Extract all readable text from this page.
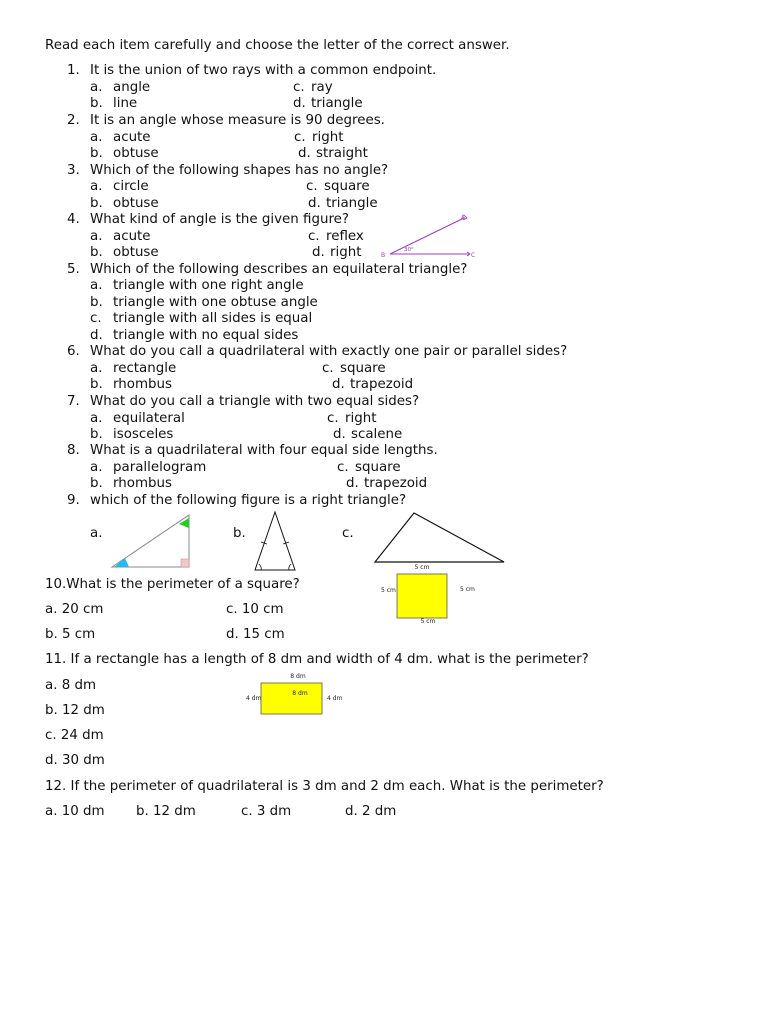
Read each item carefully and choose the letter of the correct answer.
1. It is the union of two rays with a common endpoint.
a. angle	c. ray
b. line	d. triangle
2. It is an angle whose measure is 90 degrees.
a. acute	c. right
b. obtuse	d. straight
3. Which of the following shapes has no angle?
a. circle	c. square
b. obtuse	d. triangle
4. What kind of angle is the given figure?
a. acute	c. reflex
b. obtuse	d. right	B
A
C
30°
5. Which of the following describes an equilateral triangle?
a. triangle with one right angle
b. triangle with one obtuse angle
c. triangle with all sides is equal
d. triangle with no equal sides
6. What do you call a quadrilateral with exactly one pair or parallel sides?
a. rectangle	c. square
b. rhombus	d. trapezoid
7. What do you call a triangle with two equal sides?
a. equilateral	c. right
b. isosceles	d. scalene
8. What is a quadrilateral with four equal side lengths.
a. parallelogram	c. square
b. rhombus	d. trapezoid
9. which of the following figure is a right triangle?
a.	b.	c.
10.What is the perimeter of a square?
a. 20 cm	c. 10 cm
b. 5 cm	d. 15 cm
5 cm
5 cm	5 cm
5 cm
11. If a rectangle has a length of 8 dm and width of 4 dm. what is the perimeter?
a. 8 dm
b. 12 dm
c. 24 dm
d. 30 dm
8 dm
8 dm
4 dm	4 dm
12. If the perimeter of quadrilateral is 3 dm and 2 dm each. What is the perimeter?
a. 10 dm b. 12 dm	c. 3 dm	d. 2 dm
